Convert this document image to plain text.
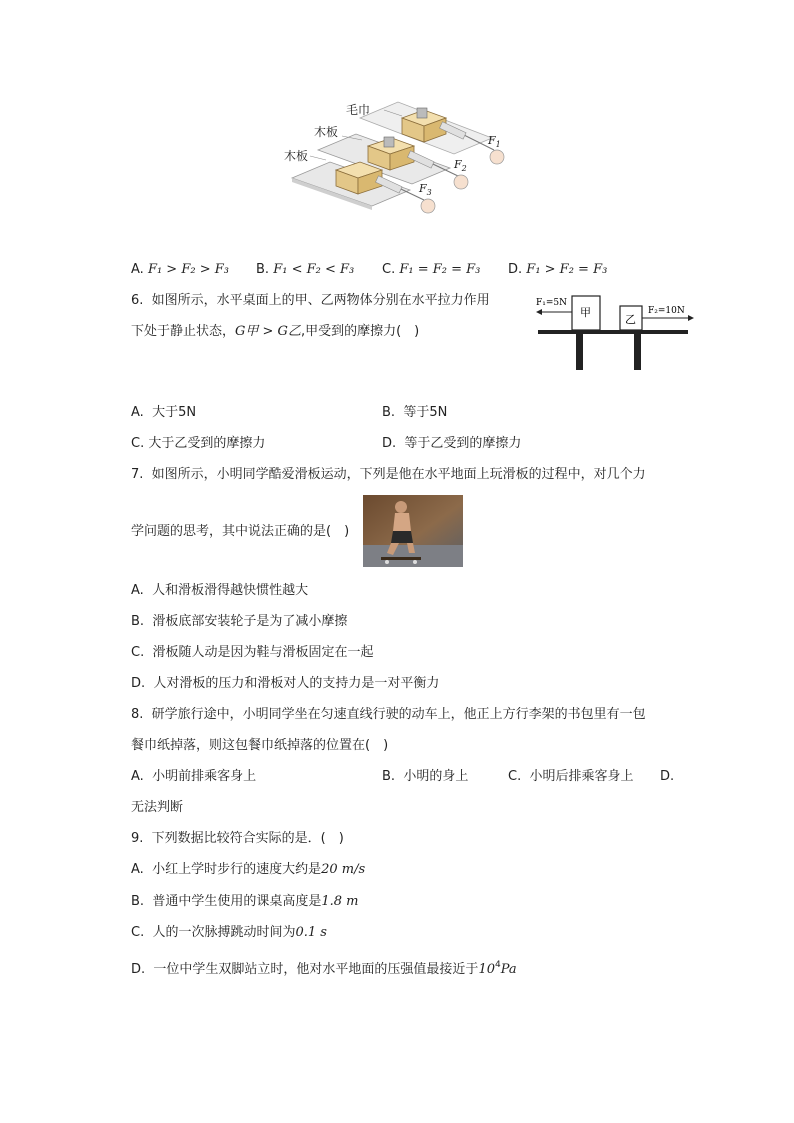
毛巾
木板
木板
$F_1$
$F_2$
$F_3$
A. F₁ > F₂ > F₃ B. F₁ < F₂ < F₃ C. F₁ = F₂ = F₃ D. F₁ > F₂ = F₃
6. 如图所示，水平桌面上的甲、乙两物体分别在水平拉力作用
下处于静止状态，G甲 > G乙,甲受到的摩擦力(　)
甲
乙
F₁=5N
F₂=10N
A. 大于5N	B. 等于5N
C. 大于乙受到的摩擦力	D. 等于乙受到的摩擦力
7. 如图所示，小明同学酷爱滑板运动，下列是他在水平地面上玩滑板的过程中，对几个力
学问题的思考，其中说法正确的是(　)
A. 人和滑板滑得越快惯性越大
B. 滑板底部安装轮子是为了减小摩擦
C. 滑板随人动是因为鞋与滑板固定在一起
D. 人对滑板的压力和滑板对人的支持力是一对平衡力
8. 研学旅行途中，小明同学坐在匀速直线行驶的动车上，他正上方行李架的书包里有一包
餐巾纸掉落，则这包餐巾纸掉落的位置在(　)
A. 小明前排乘客身上	B. 小明的身上	C. 小明后排乘客身上 D.
无法判断
9. 下列数据比较符合实际的是．(　)
A. 小红上学时步行的速度大约是20 m/s
B. 普通中学生使用的课桌高度是1.8 m
C. 人的一次脉搏跳动时间为0.1 s
D. 一位中学生双脚站立时，他对水平地面的压强值最接近于$10^4Pa$
